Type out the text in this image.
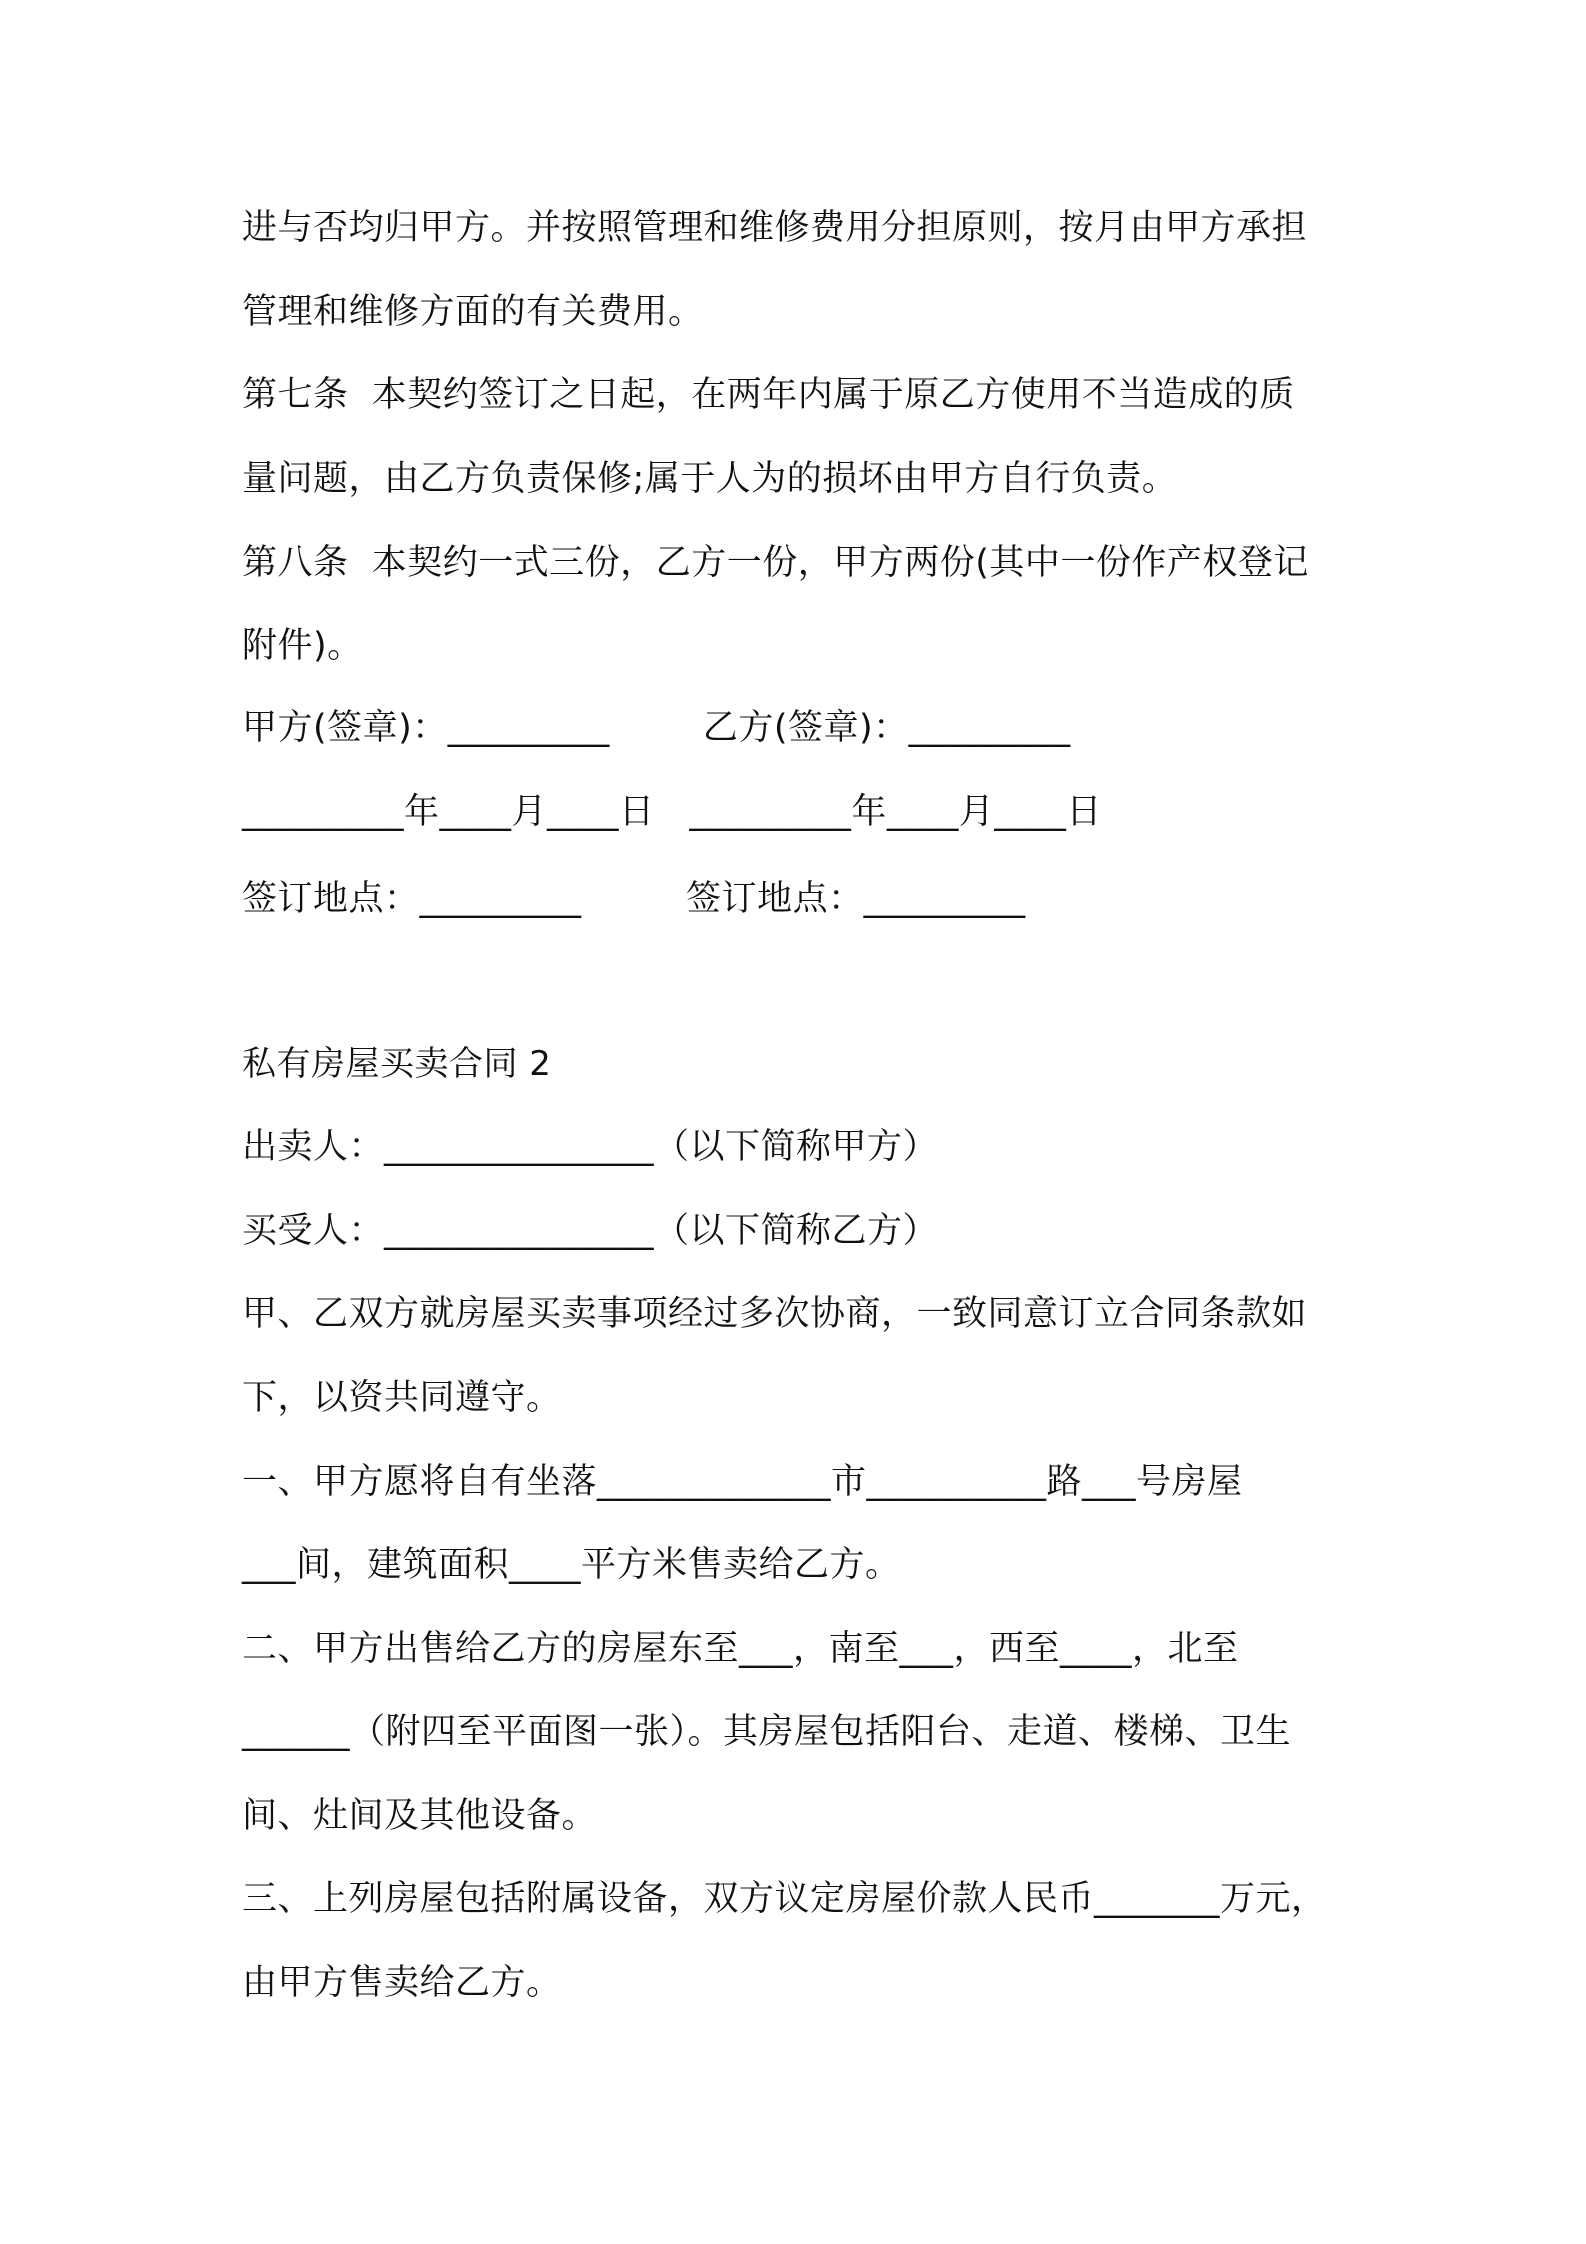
进与否均归甲方。并按照管理和维修费用分担原则，按月由甲方承担
管理和维修方面的有关费用。
第七条  本契约签订之日起，在两年内属于原乙方使用不当造成的质
量问题，由乙方负责保修;属于人为的损坏由甲方自行负责。
第八条  本契约一式三份，乙方一份，甲方两份(其中一份作产权登记
附件)。
甲方(签章)：_________        乙方(签章)：_________
_________年____月____日   _________年____月____日
签订地点：_________         签订地点：_________
私有房屋买卖合同 2
出卖人：_______________（以下简称甲方）
买受人：_______________（以下简称乙方）
甲、乙双方就房屋买卖事项经过多次协商，一致同意订立合同条款如
下，以资共同遵守。
一、甲方愿将自有坐落_____________市__________路___号房屋
___间，建筑面积____平方米售卖给乙方。
二、甲方出售给乙方的房屋东至___，南至___，西至____，北至
______（附四至平面图一张）。其房屋包括阳台、走道、楼梯、卫生
间、灶间及其他设备。
三、上列房屋包括附属设备，双方议定房屋价款人民币_______万元，
由甲方售卖给乙方。
